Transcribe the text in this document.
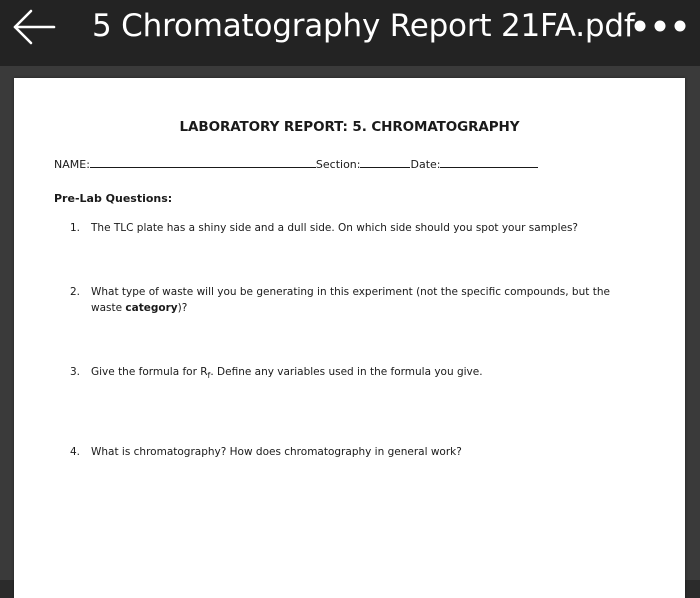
5 Chromatography Report 21FA.pdf
LABORATORY REPORT: 5. CHROMATOGRAPHY
NAME:	Section:	Date:
Pre-Lab Questions:
1. The TLC plate has a shiny side and a dull side. On which side should you spot your samples?
2. What type of waste will you be generating in this experiment (not the specific compounds, but the waste category)?
3. Give the formula for $R_f$. Define any variables used in the formula you give.
4. What is chromatography? How does chromatography in general work?
